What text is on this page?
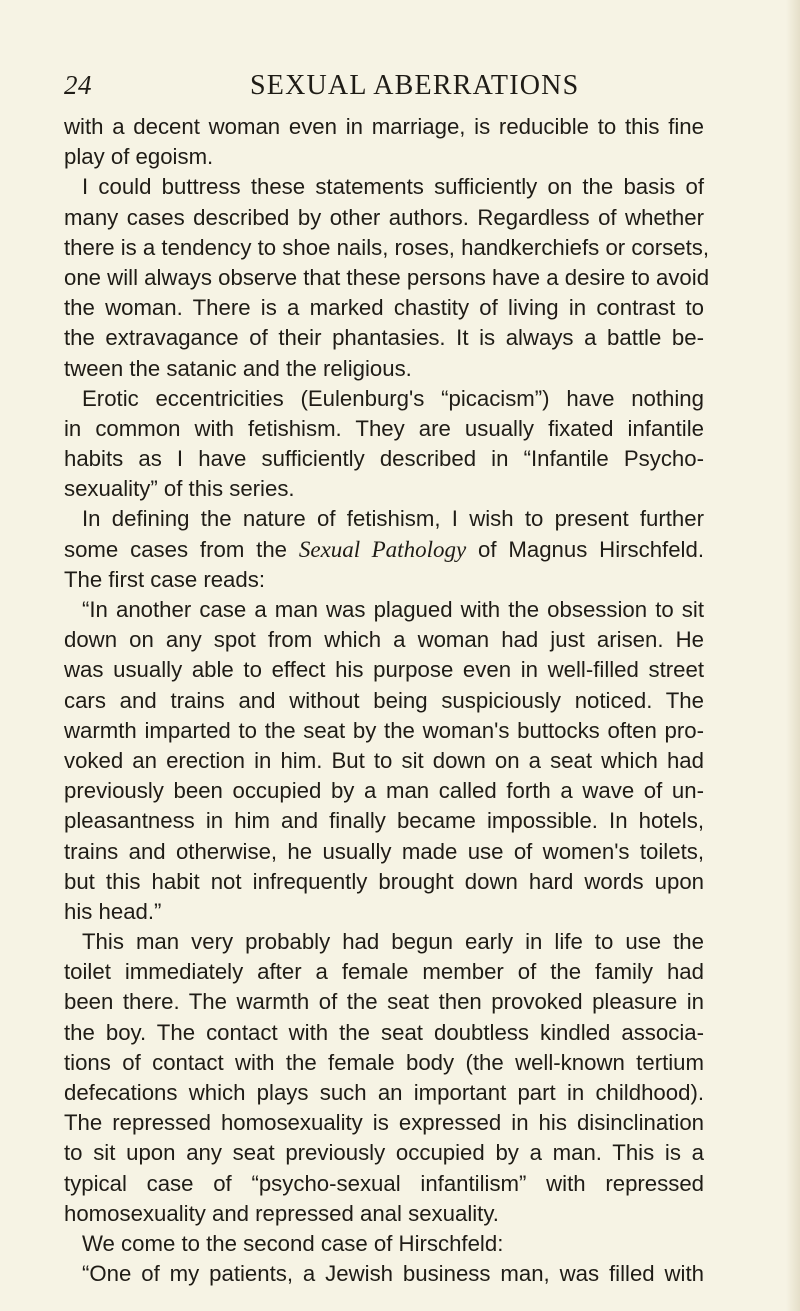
24	SEXUAL ABERRATIONS
with a decent woman even in marriage, is reducible to this fine
play of egoism.
I could buttress these statements sufficiently on the basis of
many cases described by other authors. Regardless of whether
there is a tendency to shoe nails, roses, handkerchiefs or corsets,
one will always observe that these persons have a desire to avoid
the woman. There is a marked chastity of living in contrast to
the extravagance of their phantasies. It is always a battle be-
tween the satanic and the religious.
Erotic eccentricities (Eulenburg's “picacism”) have nothing
in common with fetishism. They are usually fixated infantile
habits as I have sufficiently described in “Infantile Psycho-
sexuality” of this series.
In defining the nature of fetishism, I wish to present further
some cases from the Sexual Pathology of Magnus Hirschfeld.
The first case reads:
“In another case a man was plagued with the obsession to sit
down on any spot from which a woman had just arisen. He
was usually able to effect his purpose even in well-filled street
cars and trains and without being suspiciously noticed. The
warmth imparted to the seat by the woman's buttocks often pro-
voked an erection in him. But to sit down on a seat which had
previously been occupied by a man called forth a wave of un-
pleasantness in him and finally became impossible. In hotels,
trains and otherwise, he usually made use of women's toilets,
but this habit not infrequently brought down hard words upon
his head.”
This man very probably had begun early in life to use the
toilet immediately after a female member of the family had
been there. The warmth of the seat then provoked pleasure in
the boy. The contact with the seat doubtless kindled associa-
tions of contact with the female body (the well-known tertium
defecations which plays such an important part in childhood).
The repressed homosexuality is expressed in his disinclination
to sit upon any seat previously occupied by a man. This is a
typical case of “psycho-sexual infantilism” with repressed
homosexuality and repressed anal sexuality.
We come to the second case of Hirschfeld:
“One of my patients, a Jewish business man, was filled with
